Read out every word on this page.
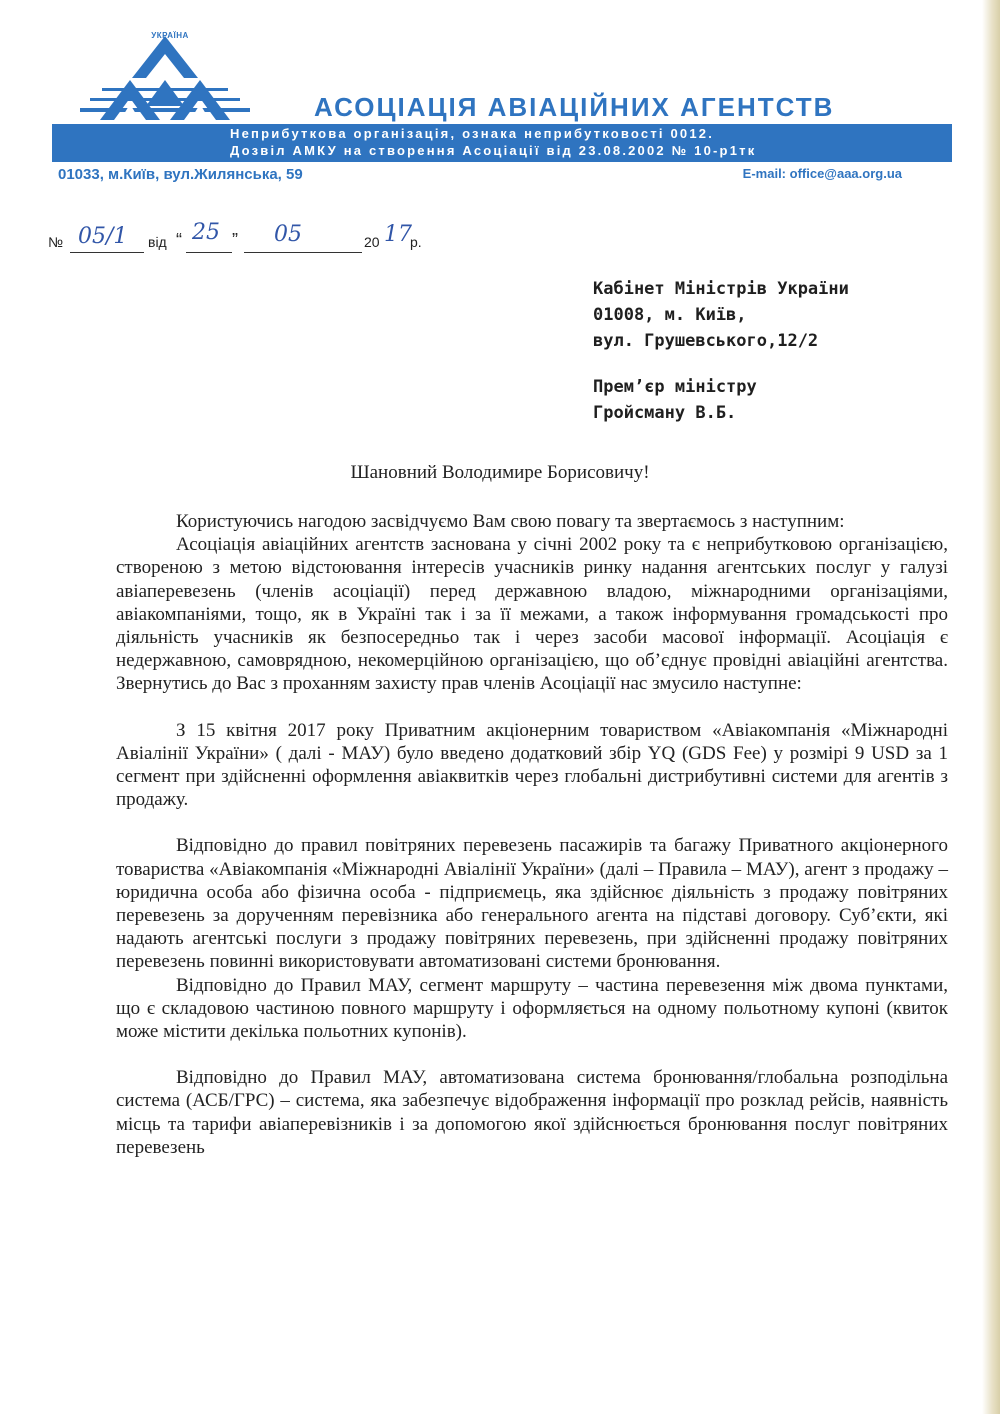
УКРАЇНА
АСОЦІАЦІЯ АВІАЦІЙНИХ АГЕНТСТВ
Неприбуткова організація, ознака неприбутковості 0012.
Дозвіл АМКУ на створення Асоціації від 23.08.2002 № 10-р1тк
01033, м.Київ, вул.Жилянська, 59	E-mail: office@aaa.org.ua
№ 05/1 від “ 25 ” 05	20 17
р.
Кабінет Міністрів України
01008, м. Київ,
вул. Грушевського,12/2
Прем’єр міністру
Гройсману В.Б.
Шановний Володимире Борисовичу!

Користуючись нагодою засвідчуємо Вам свою повагу та звертаємось з наступним:

Асоціація авіаційних агентств заснована у січні 2002 року та є неприбутковою організацією, створеною з метою відстоювання інтересів учасників ринку надання агентських послуг у галузі авіаперевезень (членів асоціації) перед державною владою, міжнародними організаціями, авіакомпаніями, тощо, як в Україні так і за її межами, а також інформування громадськості про діяльність учасників як безпосередньо так і через засоби масової інформації. Асоціація є недержавною, самоврядною, некомерційною організацією, що об’єднує провідні авіаційні агентства. Звернутись до Вас з проханням захисту прав членів Асоціації нас змусило наступне:

З 15 квітня 2017 року Приватним акціонерним товариством «Авіакомпанія «Міжнародні Авіалінії України» ( далі - МАУ) було введено додатковий збір YQ (GDS Fee) у розмірі 9 USD за 1 сегмент при здійсненні оформлення авіаквитків через глобальні дистрибутивні системи для агентів з продажу.

Відповідно до правил повітряних перевезень пасажирів та багажу Приватного акціонерного товариства «Авіакомпанія «Міжнародні Авіалінії України» (далі – Правила – МАУ), агент з продажу – юридична особа або фізична особа - підприємець, яка здійснює діяльність з продажу повітряних перевезень за дорученням перевізника або генерального агента на підставі договору. Суб’єкти, які надають агентські послуги з продажу повітряних перевезень, при здійсненні продажу повітряних перевезень повинні використовувати автоматизовані системи бронювання.

Відповідно до Правил МАУ, сегмент маршруту – частина перевезення між двома пунктами, що є складовою частиною повного маршруту і оформляється на одному польотному купоні (квиток може містити декілька польотних купонів).

Відповідно до Правил МАУ, автоматизована система бронювання/глобальна розподільна система (АСБ/ГРС) – система, яка забезпечує відображення інформації про розклад рейсів, наявність місць та тарифи авіаперевізників і за допомогою якої здійснюється бронювання послуг повітряних перевезень
